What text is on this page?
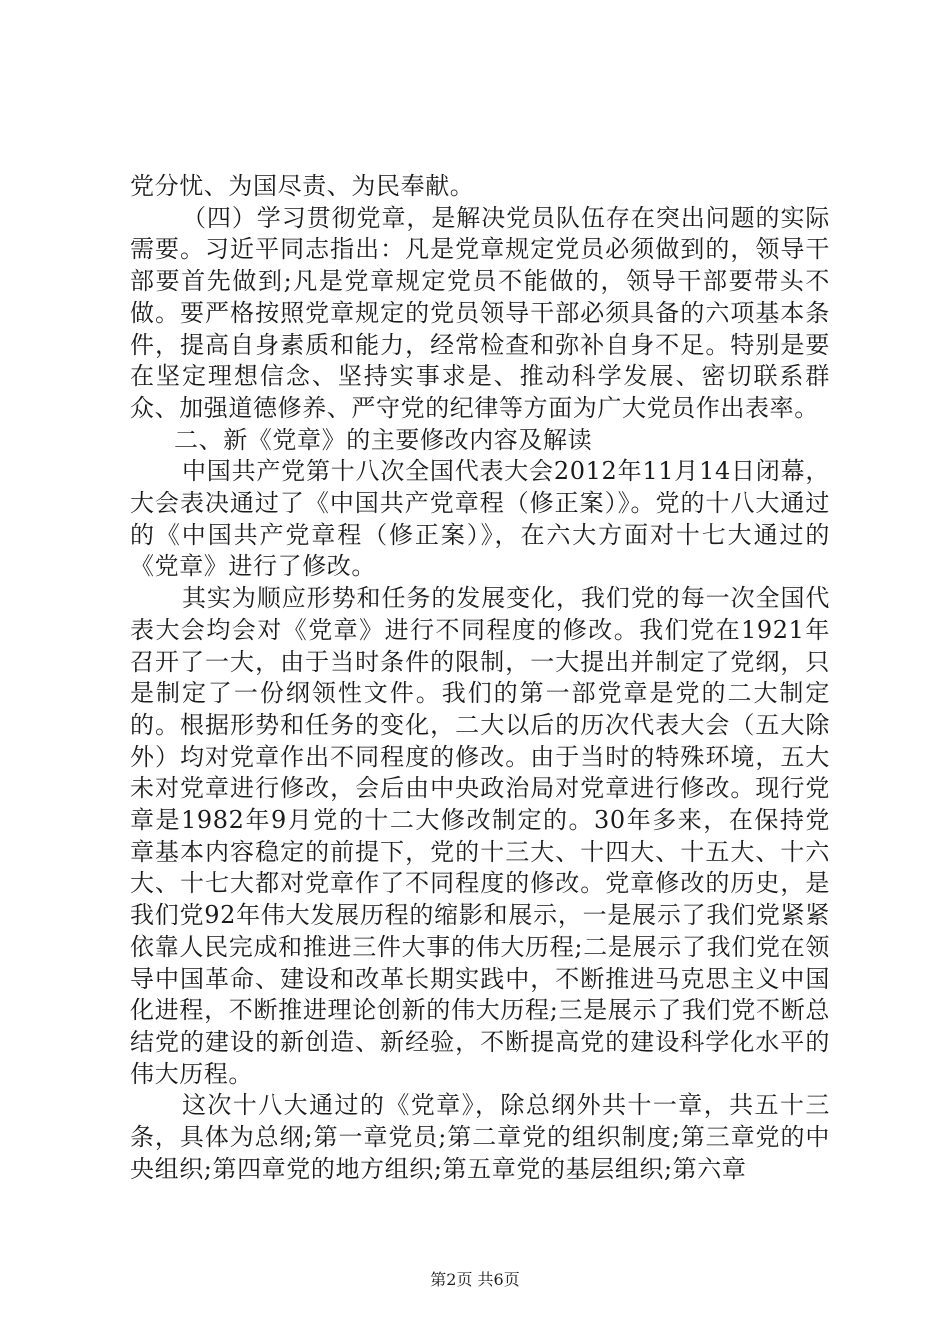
党分忧、为国尽责、为民奉献。

（四）学习贯彻党章，是解决党员队伍存在突出问题的实际需要。习近平同志指出：凡是党章规定党员必须做到的，领导干部要首先做到;凡是党章规定党员不能做的，领导干部要带头不做。要严格按照党章规定的党员领导干部必须具备的六项基本条件，提高自身素质和能力，经常检查和弥补自身不足。特别是要在坚定理想信念、坚持实事求是、推动科学发展、密切联系群众、加强道德修养、严守党的纪律等方面为广大党员作出表率。

二、新《党章》的主要修改内容及解读

中国共产党第十八次全国代表大会2012年11月14日闭幕，大会表决通过了《中国共产党章程（修正案）》。党的十八大通过的《中国共产党章程（修正案）》，在六大方面对十七大通过的《党章》进行了修改。

其实为顺应形势和任务的发展变化，我们党的每一次全国代表大会均会对《党章》进行不同程度的修改。我们党在1921年召开了一大，由于当时条件的限制，一大提出并制定了党纲，只是制定了一份纲领性文件。我们的第一部党章是党的二大制定的。根据形势和任务的变化，二大以后的历次代表大会（五大除外）均对党章作出不同程度的修改。由于当时的特殊环境，五大未对党章进行修改，会后由中央政治局对党章进行修改。现行党章是1982年9月党的十二大修改制定的。30年多来，在保持党章基本内容稳定的前提下，党的十三大、十四大、十五大、十六大、十七大都对党章作了不同程度的修改。党章修改的历史，是我们党92年伟大发展历程的缩影和展示，一是展示了我们党紧紧依靠人民完成和推进三件大事的伟大历程;二是展示了我们党在领导中国革命、建设和改革长期实践中，不断推进马克思主义中国化进程，不断推进理论创新的伟大历程;三是展示了我们党不断总结党的建设的新创造、新经验，不断提高党的建设科学化水平的伟大历程。

这次十八大通过的《党章》，除总纲外共十一章，共五十三条，具体为总纲;第一章党员;第二章党的组织制度;第三章党的中央组织;第四章党的地方组织;第五章党的基层组织;第六章

第2页 共6页
